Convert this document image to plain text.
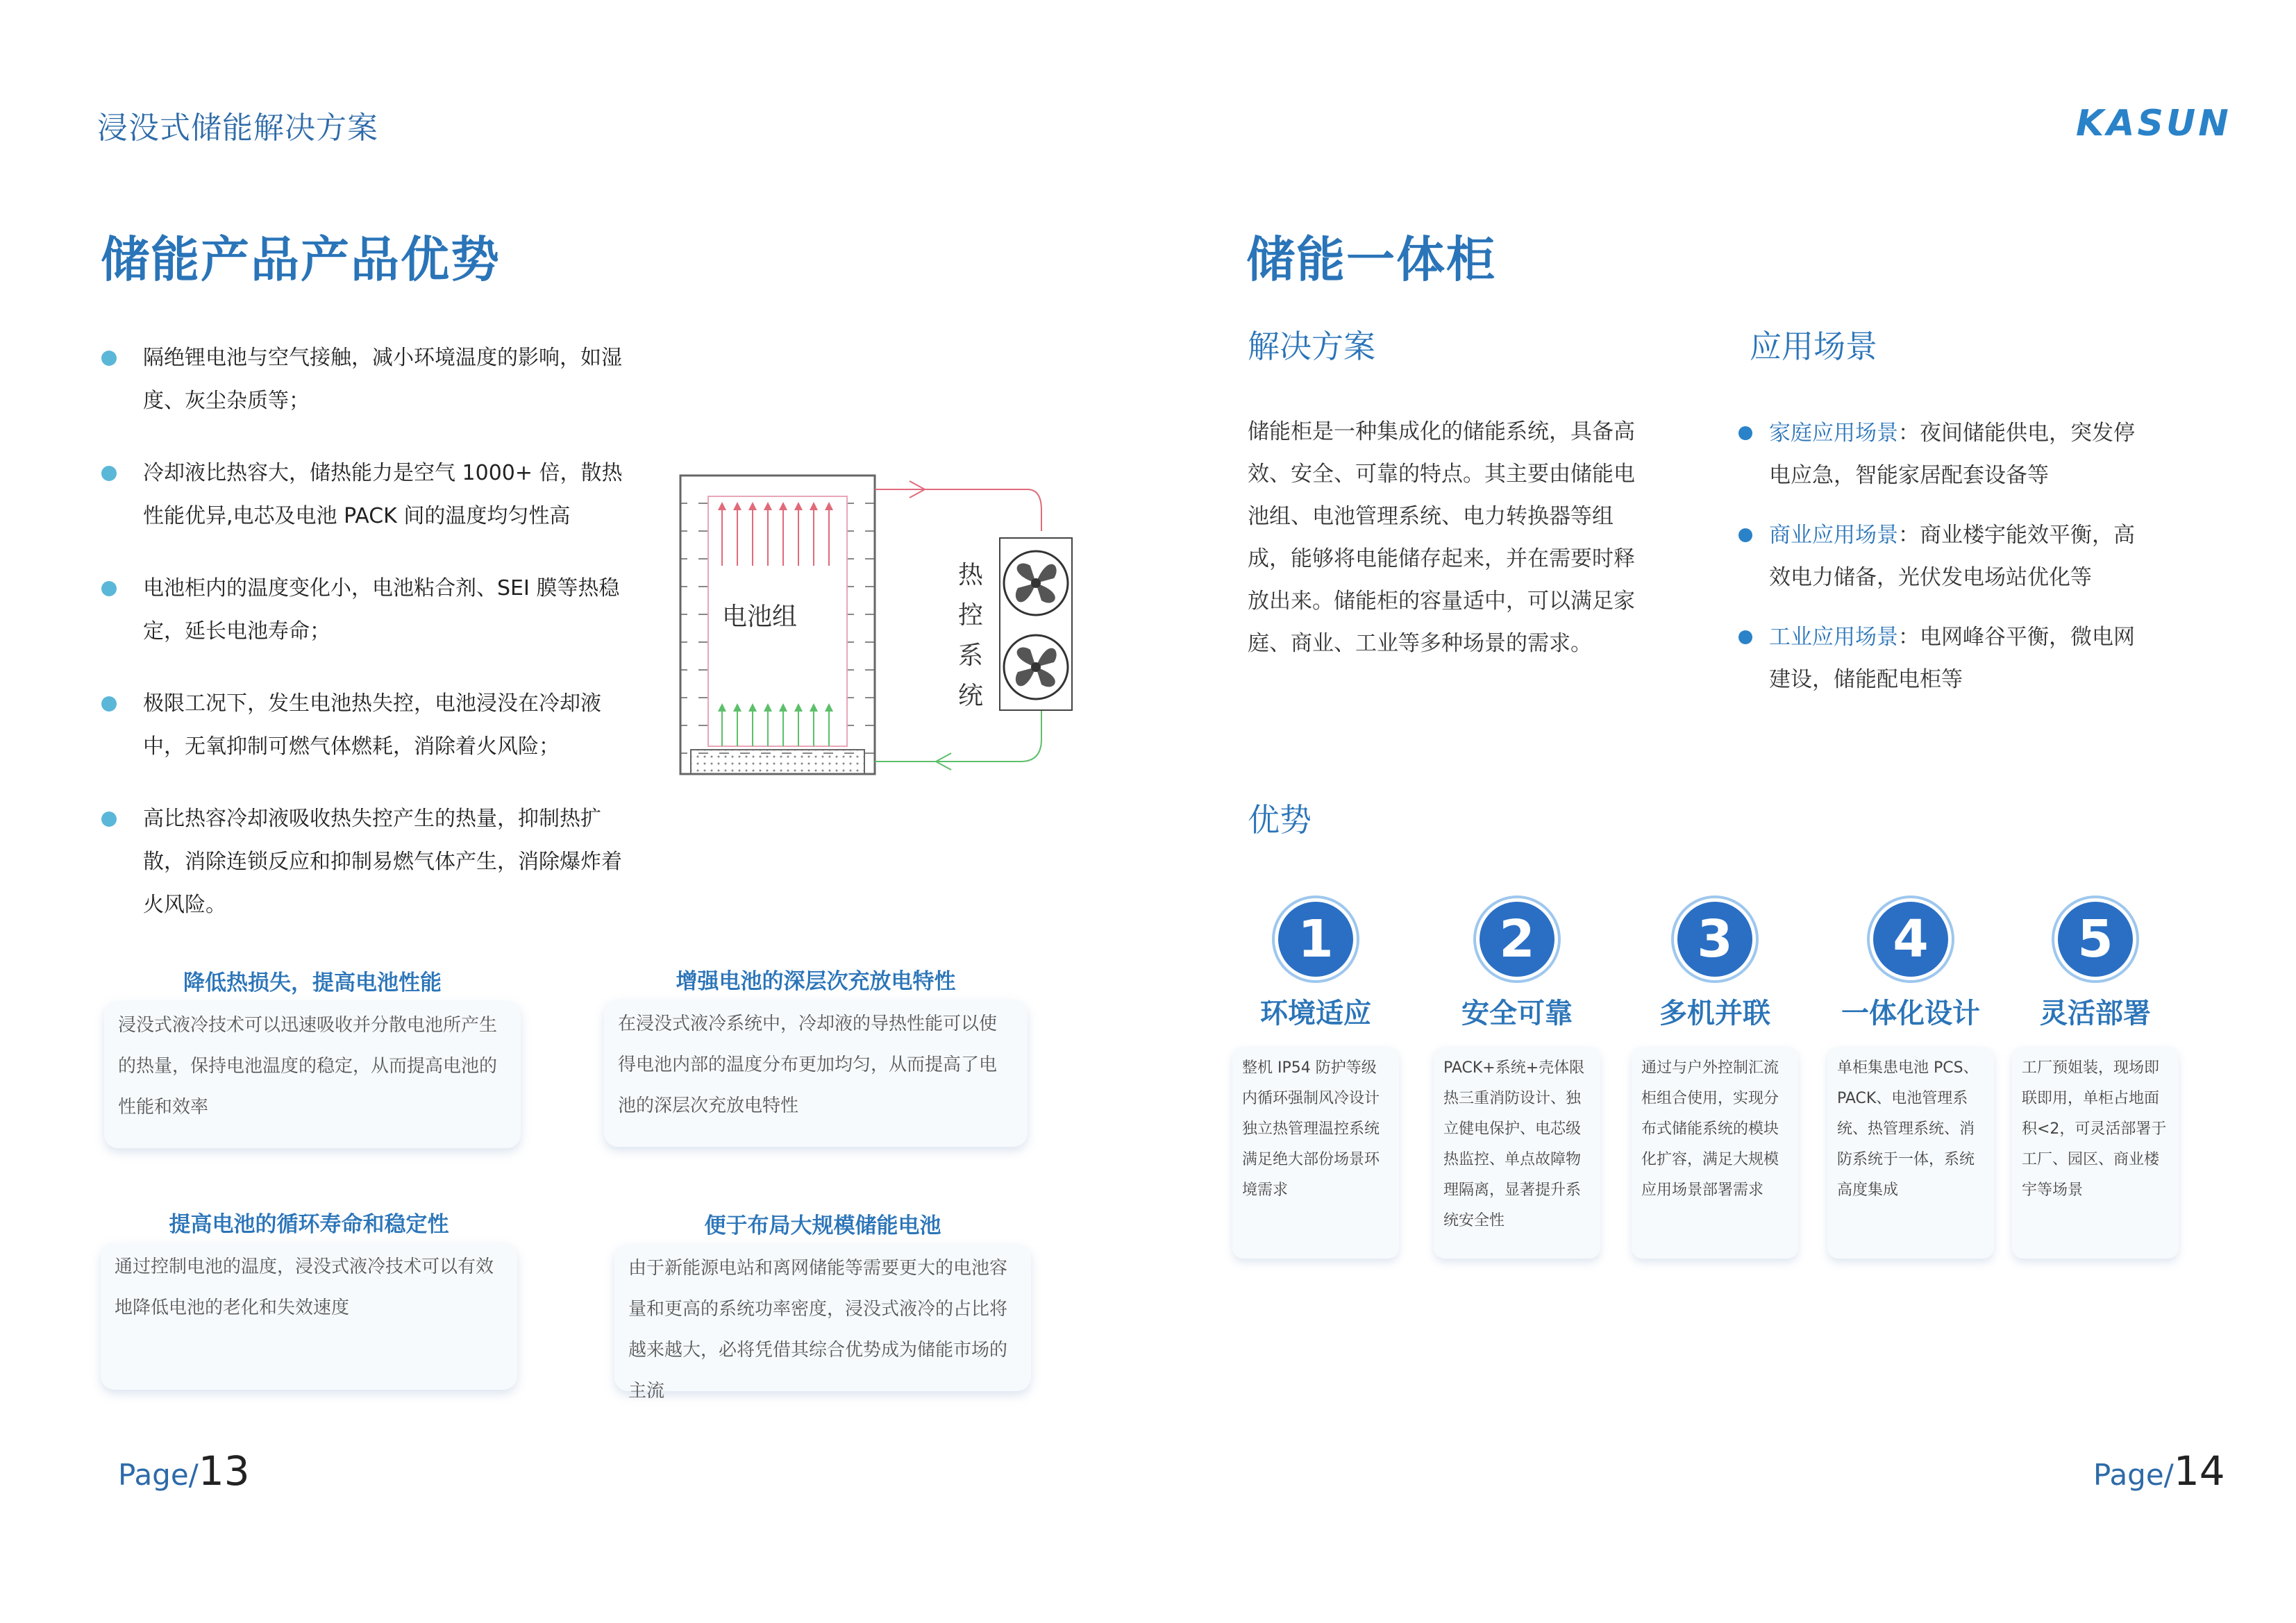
浸没式储能解决方案	KASUN
储能产品产品优势
隔绝锂电池与空气接触，减小环境温度的影响，如湿度、灰尘杂质等；
冷却液比热容大，储热能力是空气 1000+ 倍，散热性能优异,电芯及电池 PACK 间的温度均匀性高
电池柜内的温度变化小，电池粘合剂、SEI 膜等热稳定，延长电池寿命；
极限工况下，发生电池热失控，电池浸没在冷却液中，无氧抑制可燃气体燃耗，消除着火风险；
高比热容冷却液吸收热失控产生的热量，抑制热扩散，消除连锁反应和抑制易燃气体产生，消除爆炸着火风险。
电池组
热
控
系
统
降低热损失，提高电池性能
浸没式液冷技术可以迅速吸收并分散电池所产生的热量，保持电池温度的稳定，从而提高电池的性能和效率
增强电池的深层次充放电特性
在浸没式液冷系统中，冷却液的导热性能可以使得电池内部的温度分布更加均匀，从而提高了电池的深层次充放电特性
提高电池的循环寿命和稳定性
通过控制电池的温度，浸没式液冷技术可以有效地降低电池的老化和失效速度
便于布局大规模储能电池
由于新能源电站和离网储能等需要更大的电池容量和更高的系统功率密度，浸没式液冷的占比将越来越大，必将凭借其综合优势成为储能市场的主流
Page/13
储能一体柜
解决方案
储能柜是一种集成化的储能系统，具备高效、安全、可靠的特点。其主要由储能电池组、电池管理系统、电力转换器等组成，能够将电能储存起来，并在需要时释放出来。储能柜的容量适中，可以满足家庭、商业、工业等多种场景的需求。
应用场景
家庭应用场景：夜间储能供电，突发停电应急，智能家居配套设备等
商业应用场景：商业楼宇能效平衡，高效电力储备，光伏发电场站优化等
工业应用场景：电网峰谷平衡，微电网建设，储能配电柜等
优势
1
环境适应
整机 IP54 防护等级内循环强制风冷设计独立热管理温控系统满足绝大部份场景环境需求
2
安全可靠
PACK+系统+壳体限热三重消防设计、独立健电保护、电芯级热监控、单点故障物理隔离，显著提升系统安全性
3
多机并联
通过与户外控制汇流柜组合使用，实现分布式储能系统的模块化扩容，满足大规模应用场景部署需求
4
一体化设计
单柜集患电池 PCS、PACK、电池管理系统、热管理系统、消防系统于一体，系统高度集成
5
灵活部署
工厂预姐装，现场即联即用，单柜占地面积<2，可灵活部署于工厂、园区、商业楼宇等场景
Page/14
